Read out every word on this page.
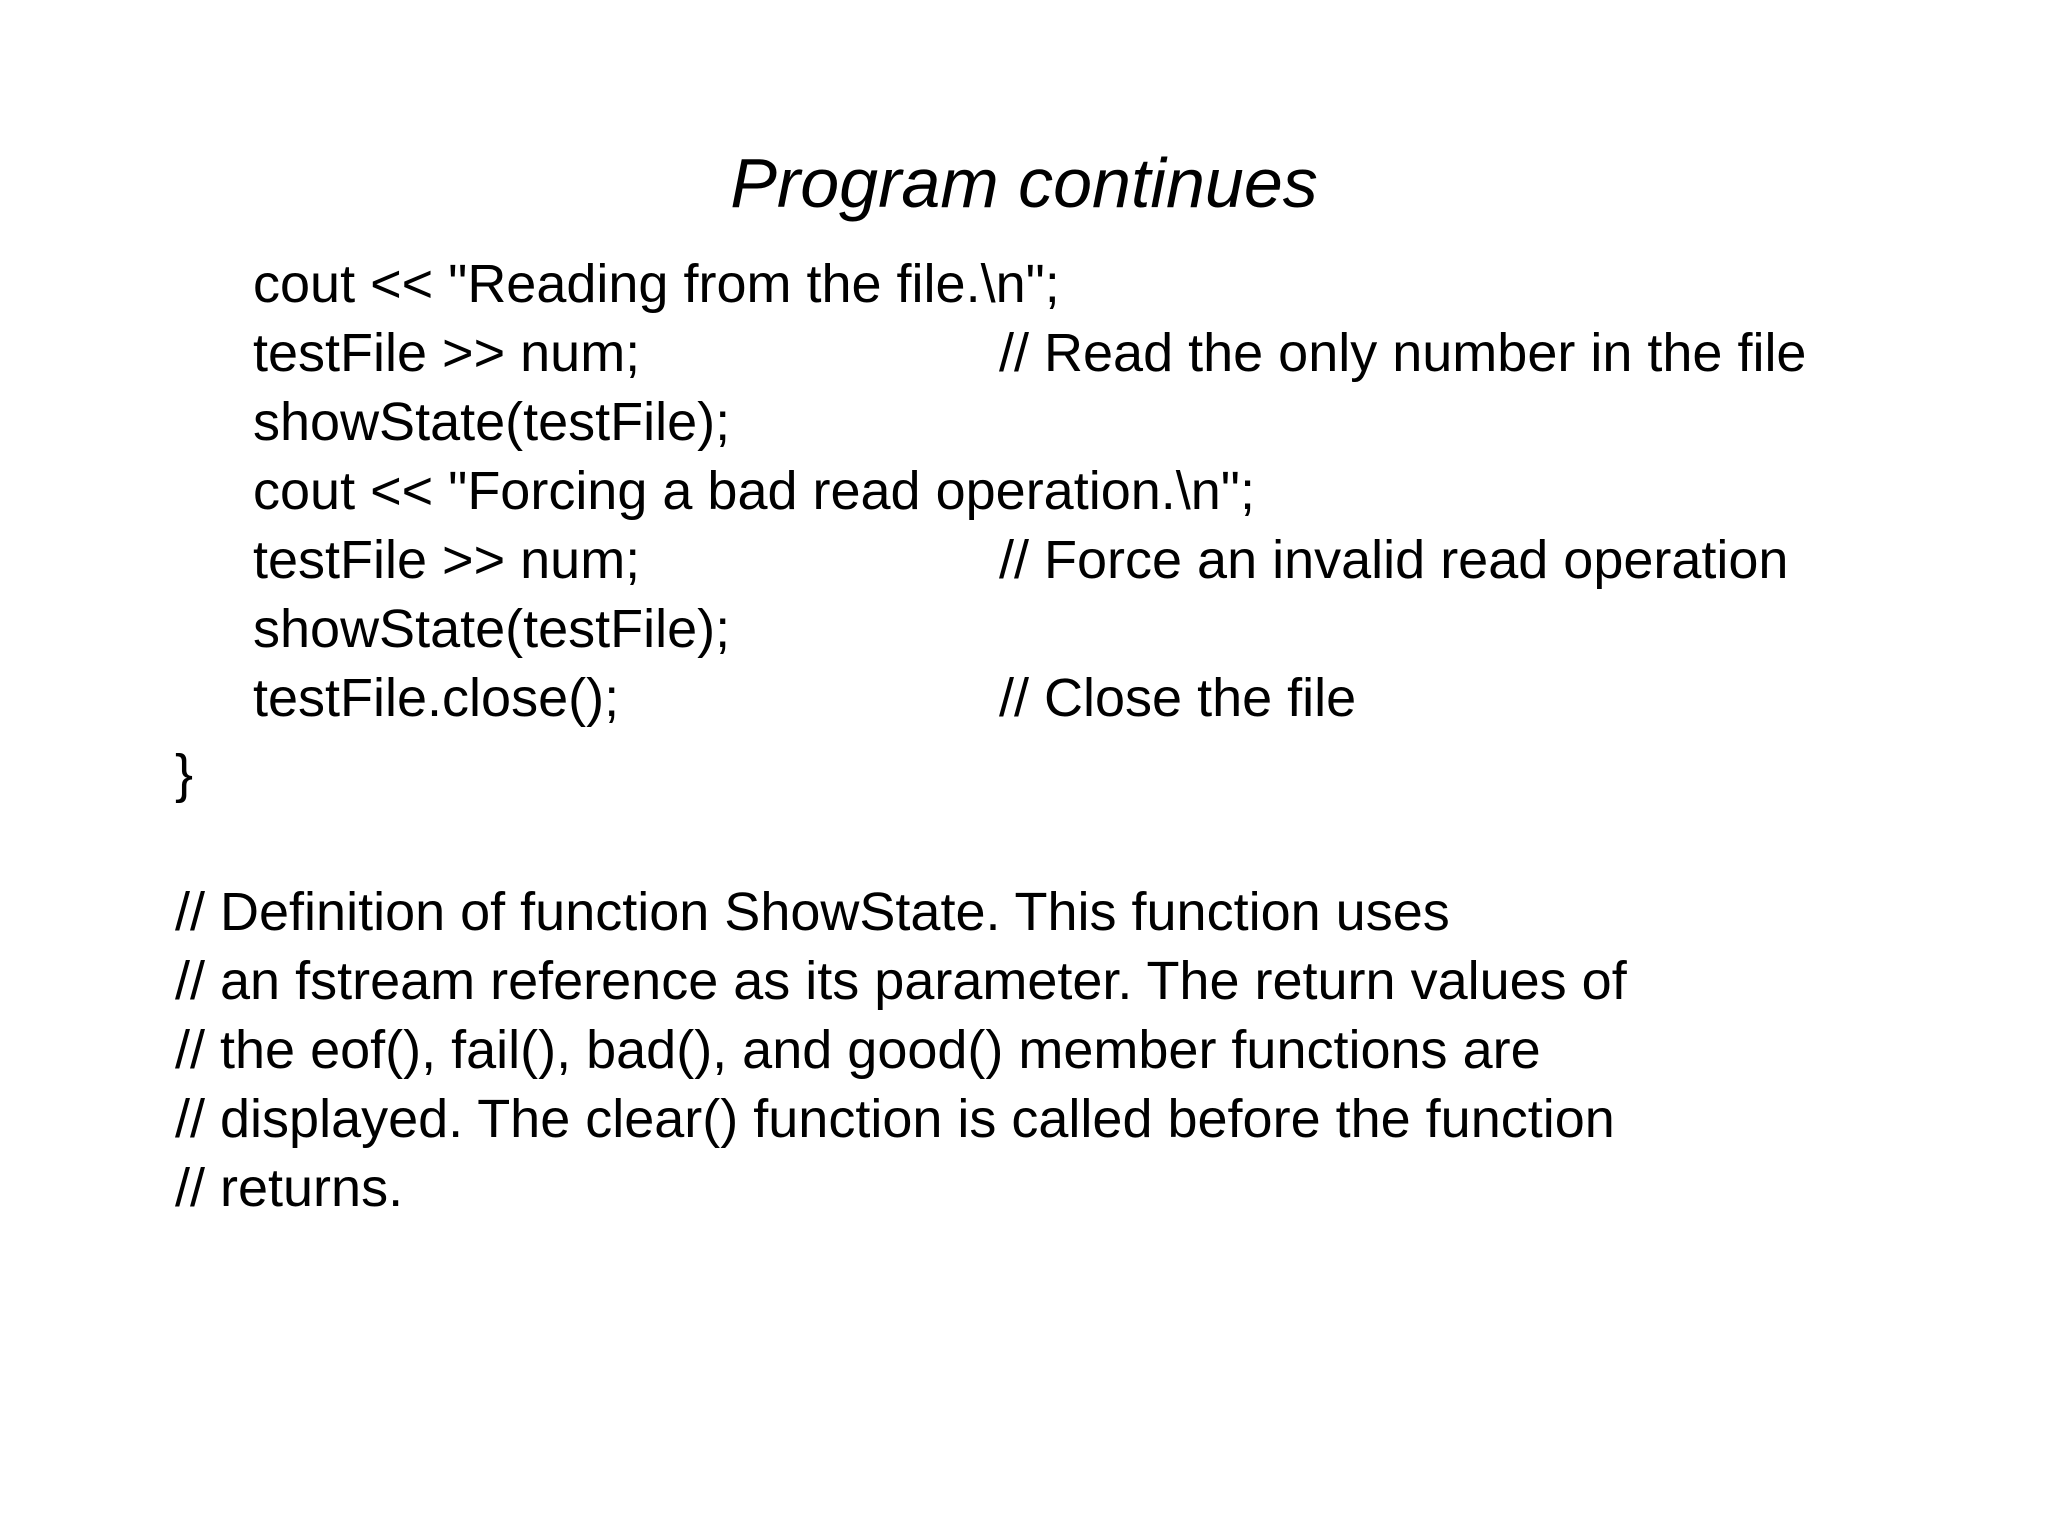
Program continues

cout << "Reading from the file.\n";

testFile >> num;

	// Read the only number in the file

showState(testFile);

cout << "Forcing a bad read operation.\n";

testFile >> num;

	// Force an invalid read operation

showState(testFile);

testFile.close();

	// Close the file

}
// Definition of function ShowState. This function uses
// an fstream reference as its parameter. The return values of
// the eof(), fail(), bad(), and good() member functions are
// displayed. The clear() function is called before the function
// returns.
